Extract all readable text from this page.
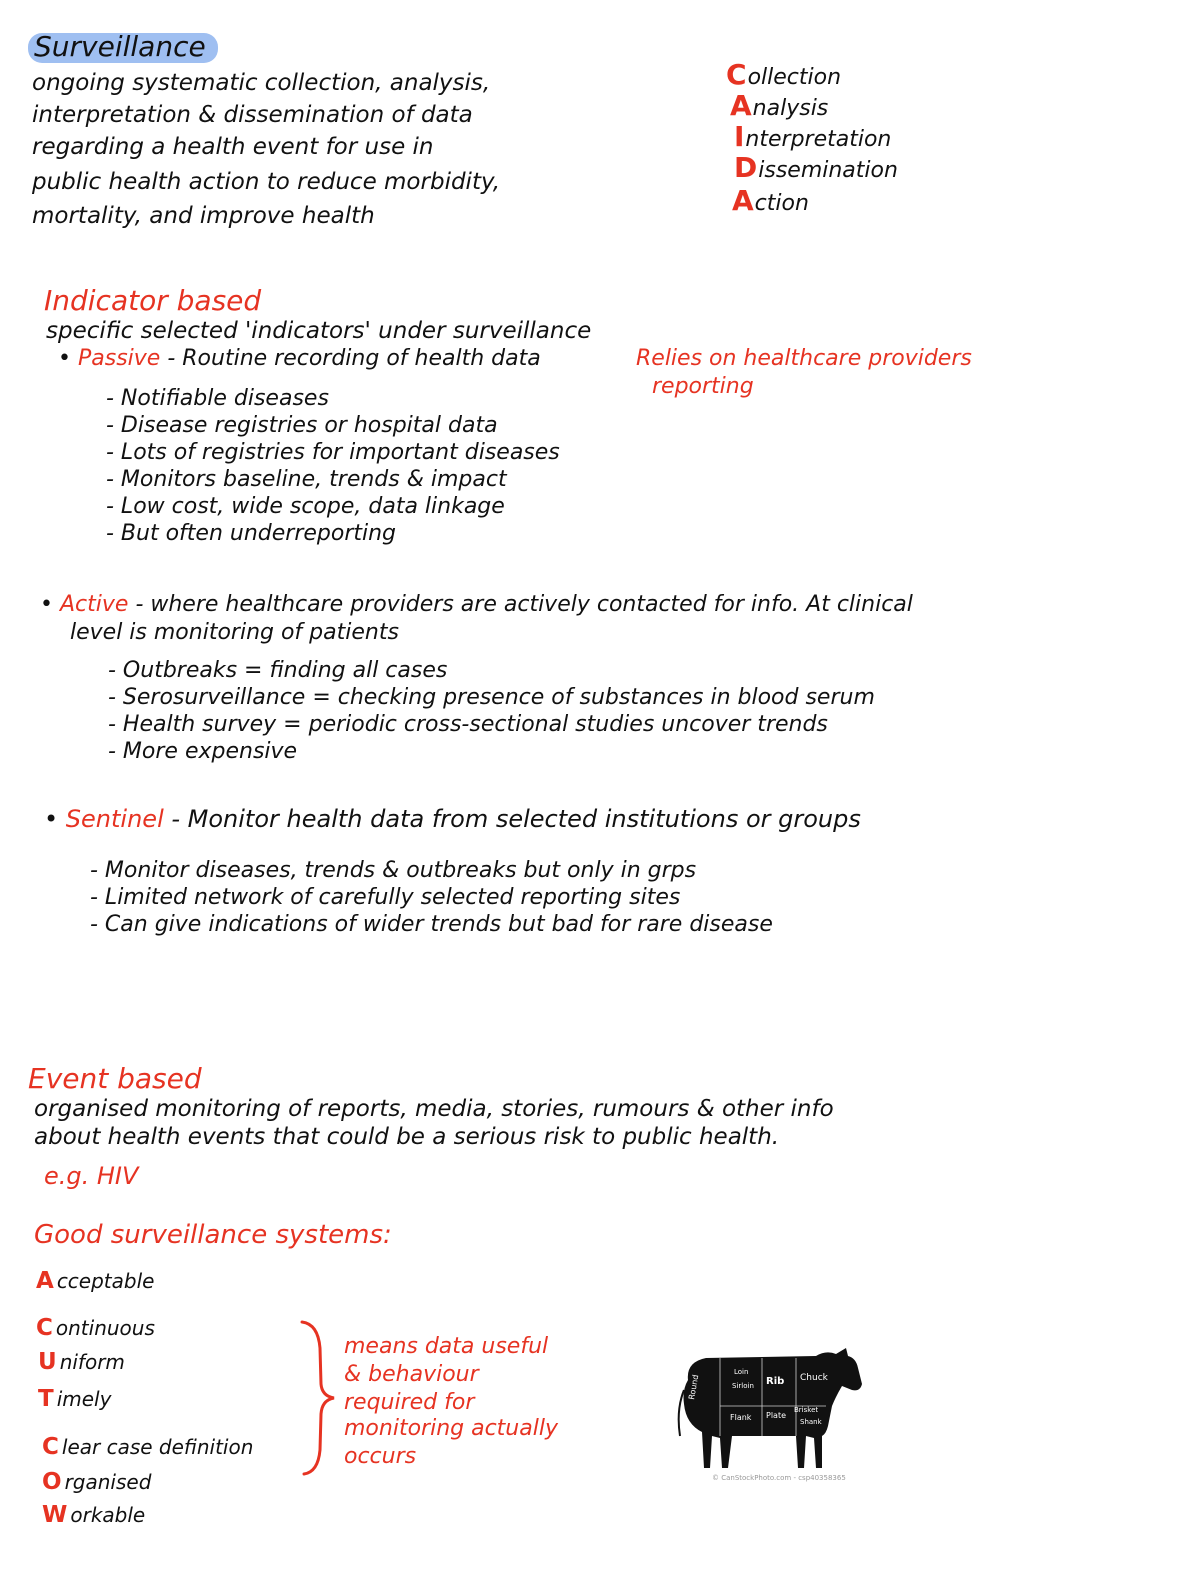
Surveillance
ongoing systematic collection, analysis,
interpretation & dissemination of data
regarding a health event for use in
public health action to reduce morbidity,
mortality, and improve health
Collection
Analysis
Interpretation
Dissemination
Action
Indicator based
specific selected 'indicators' under surveillance
• Passive - Routine recording of health data	Relies on healthcare providers
reporting
- Notifiable diseases
- Disease registries or hospital data
- Lots of registries for important diseases
- Monitors baseline, trends & impact
- Low cost, wide scope, data linkage
- But often underreporting
• Active - where healthcare providers are actively contacted for info. At clinical
level is monitoring of patients
- Outbreaks = finding all cases
- Serosurveillance = checking presence of substances in blood serum
- Health survey = periodic cross-sectional studies uncover trends
- More expensive
• Sentinel - Monitor health data from selected institutions or groups
- Monitor diseases, trends & outbreaks but only in grps
- Limited network of carefully selected reporting sites
- Can give indications of wider trends but bad for rare disease
Event based
organised monitoring of reports, media, stories, rumours & other info
about health events that could be a serious risk to public health.
e.g. HIV
Good surveillance systems:
A cceptable
C ontinuous
U niform
T imely
C lear case definition
O rganised
W orkable
means data useful
& behaviour
required for
monitoring actually
occurs
Round	Rib Chuck
Flank Plate
Brisket
Shank
Loin
Sirloin
© CanStockPhoto.com - csp40358365
